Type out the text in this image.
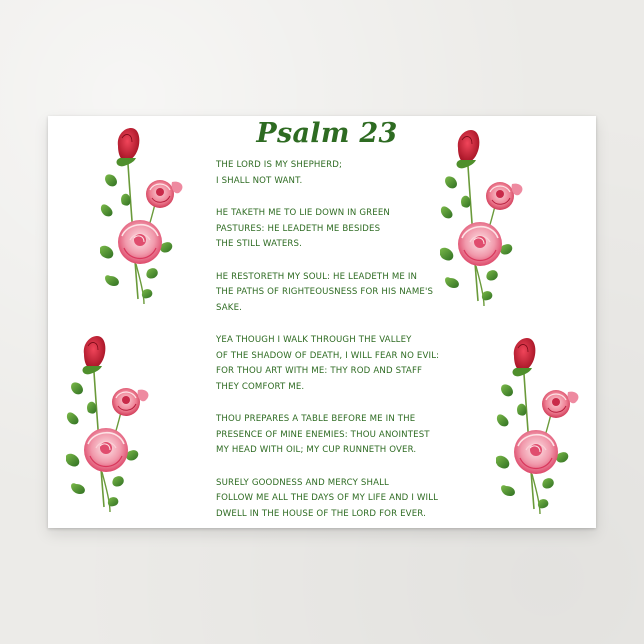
Psalm 23
THE LORD IS MY SHEPHERD;
I SHALL NOT WANT.
HE TAKETH ME TO LIE DOWN IN GREEN
PASTURES: HE LEADETH ME BESIDES
THE STILL WATERS.
HE RESTORETH MY SOUL: HE LEADETH ME IN
THE PATHS OF RIGHTEOUSNESS FOR HIS NAME'S
SAKE.
YEA THOUGH I WALK THROUGH THE VALLEY
OF THE SHADOW OF DEATH, I WILL FEAR NO EVIL:
FOR THOU ART WITH ME: THY ROD AND STAFF
THEY COMFORT ME.
THOU PREPARES A TABLE BEFORE ME IN THE
PRESENCE OF MINE ENEMIES: THOU ANOINTEST
MY HEAD WITH OIL; MY CUP RUNNETH OVER.
SURELY GOODNESS AND MERCY SHALL
FOLLOW ME ALL THE DAYS OF MY LIFE AND I WILL
DWELL IN THE HOUSE OF THE LORD FOR EVER.
